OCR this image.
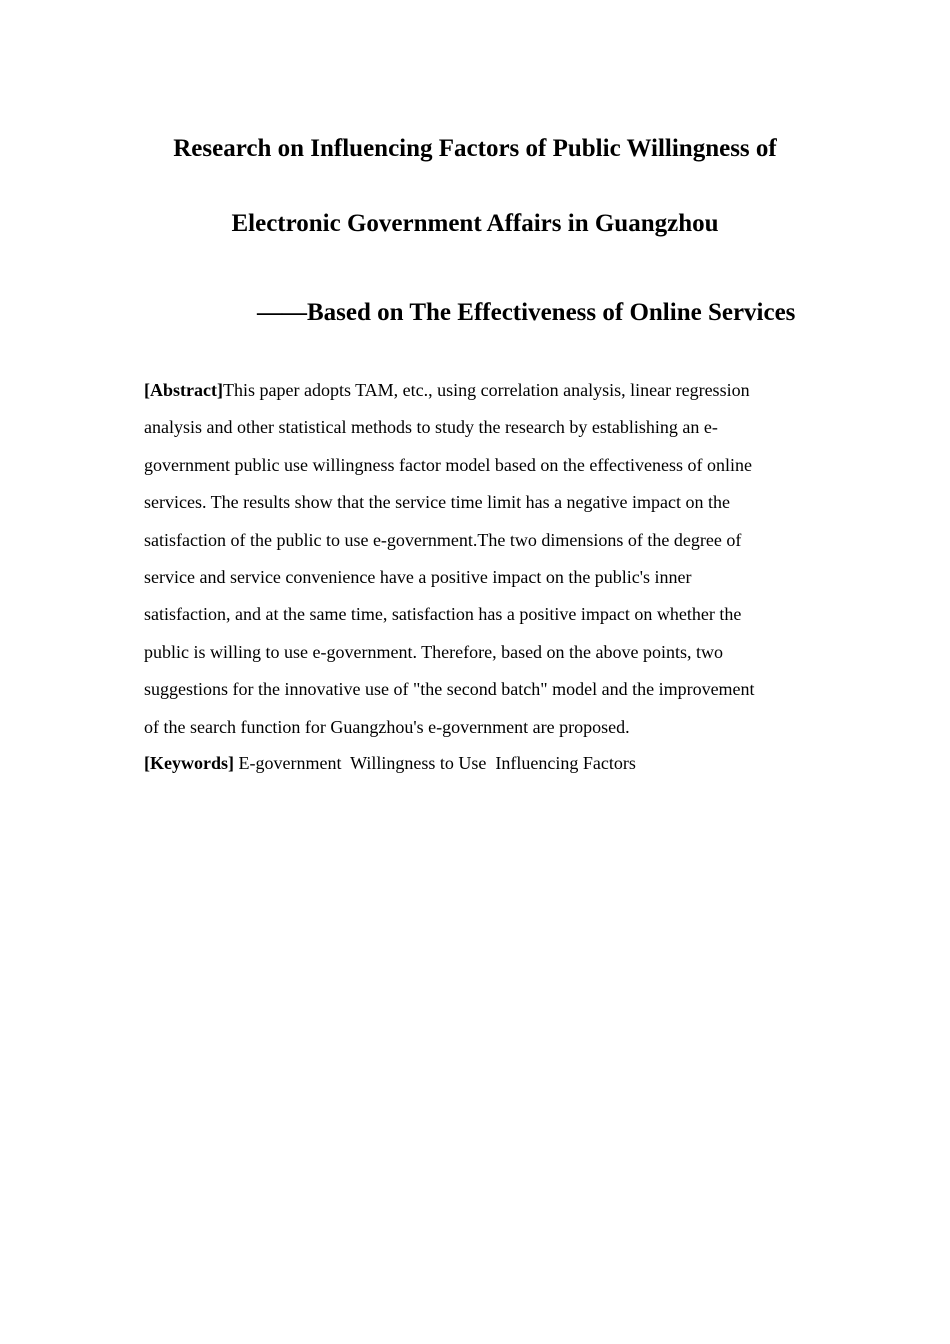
Research on Influencing Factors of Public Willingness of
Electronic Government Affairs in Guangzhou
——Based on The Effectiveness of Online Services

[Abstract]This paper adopts TAM, etc., using correlation analysis, linear regression
analysis and other statistical methods to study the research by establishing an e-
government public use willingness factor model based on the effectiveness of online
services. The results show that the service time limit has a negative impact on the
satisfaction of the public to use e-government.The two dimensions of the degree of
service and service convenience have a positive impact on the public's inner
satisfaction, and at the same time, satisfaction has a positive impact on whether the
public is willing to use e-government. Therefore, based on the above points, two
suggestions for the innovative use of "the second batch" model and the improvement
of the search function for Guangzhou's e-government are proposed.

[Keywords] E-government  Willingness to Use  Influencing Factors
